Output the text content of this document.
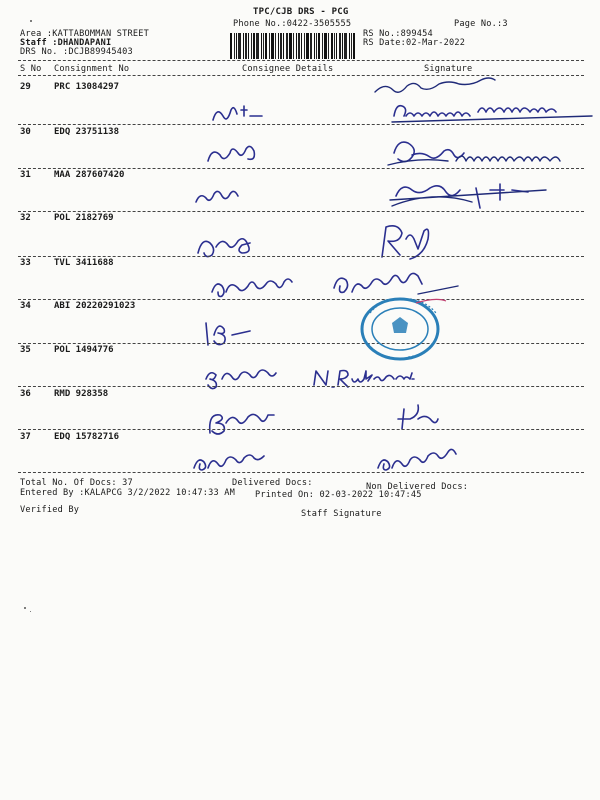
TPC/CJB DRS - PCG
Phone No.:0422-3505555	Page No.:3
Area :KATTABOMMAN STREET
Staff :DHANDAPANI
DRS No. :DCJB89945403
RS No.:899454
RS Date:02-Mar-2022
S No Consignment No	Consignee Details	Signature
29	PRC 13084297
30	EDQ 23751138
31	MAA 287607420
32	POL 2182769
33	TVL 3411688
34	ABI 20220291023
35	POL 1494776
36	RMD 928358
37	EDQ 15782716
Total No. Of Docs: 37	Delivered Docs:	Non Delivered Docs:
Entered By :KALAPCG 3/2/2022 10:47:33 AM Printed On: 02-03-2022 10:47:45
Verified By	Staff Signature
